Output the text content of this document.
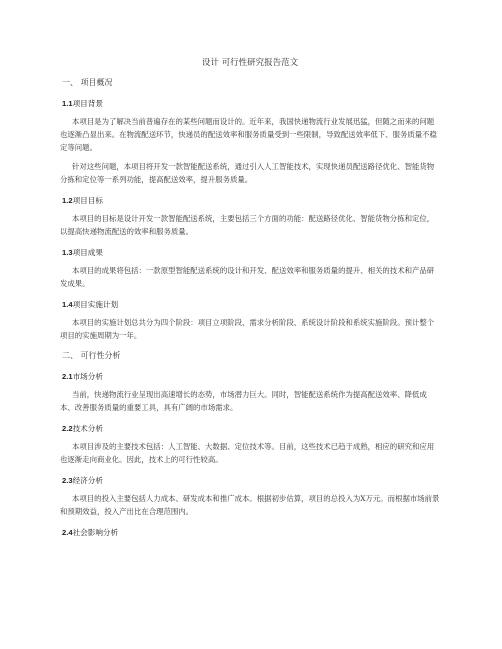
设计 可行性研究报告范文
一、 项目概况
1.1项目背景

本项目是为了解决当前普遍存在的某些问题而设计的。近年来，我国快递物流行业发展迅猛，但随之而来的问题也逐渐凸显出来。在物流配送环节，快递员的配送效率和服务质量受到一些限制，导致配送效率低下、服务质量不稳定等问题。

针对这些问题，本项目将开发一款智能配送系统，通过引入人工智能技术，实现快递员配送路径优化、智能货物分拣和定位等一系列功能，提高配送效率，提升服务质量。

1.2项目目标

本项目的目标是设计开发一款智能配送系统，主要包括三个方面的功能：配送路径优化、智能货物分拣和定位，以提高快递物流配送的效率和服务质量。

1.3项目成果

本项目的成果将包括：一款原型智能配送系统的设计和开发、配送效率和服务质量的提升、相关的技术和产品研发成果。

1.4项目实施计划

本项目的实施计划总共分为四个阶段：项目立项阶段、需求分析阶段、系统设计阶段和系统实施阶段。预计整个项目的实施周期为一年。

二、 可行性分析
2.1市场分析

当前，快递物流行业呈现出高速增长的态势，市场潜力巨大。同时，智能配送系统作为提高配送效率、降低成本、改善服务质量的重要工具，具有广阔的市场需求。

2.2技术分析

本项目涉及的主要技术包括：人工智能、大数据、定位技术等。目前，这些技术已趋于成熟，相应的研究和应用也逐渐走向商业化。因此，技术上的可行性较高。

2.3经济分析

本项目的投入主要包括人力成本、研发成本和推广成本。根据初步估算，项目的总投入为X万元。而根据市场前景和预期效益，投入产出比在合理范围内。

2.4社会影响分析
